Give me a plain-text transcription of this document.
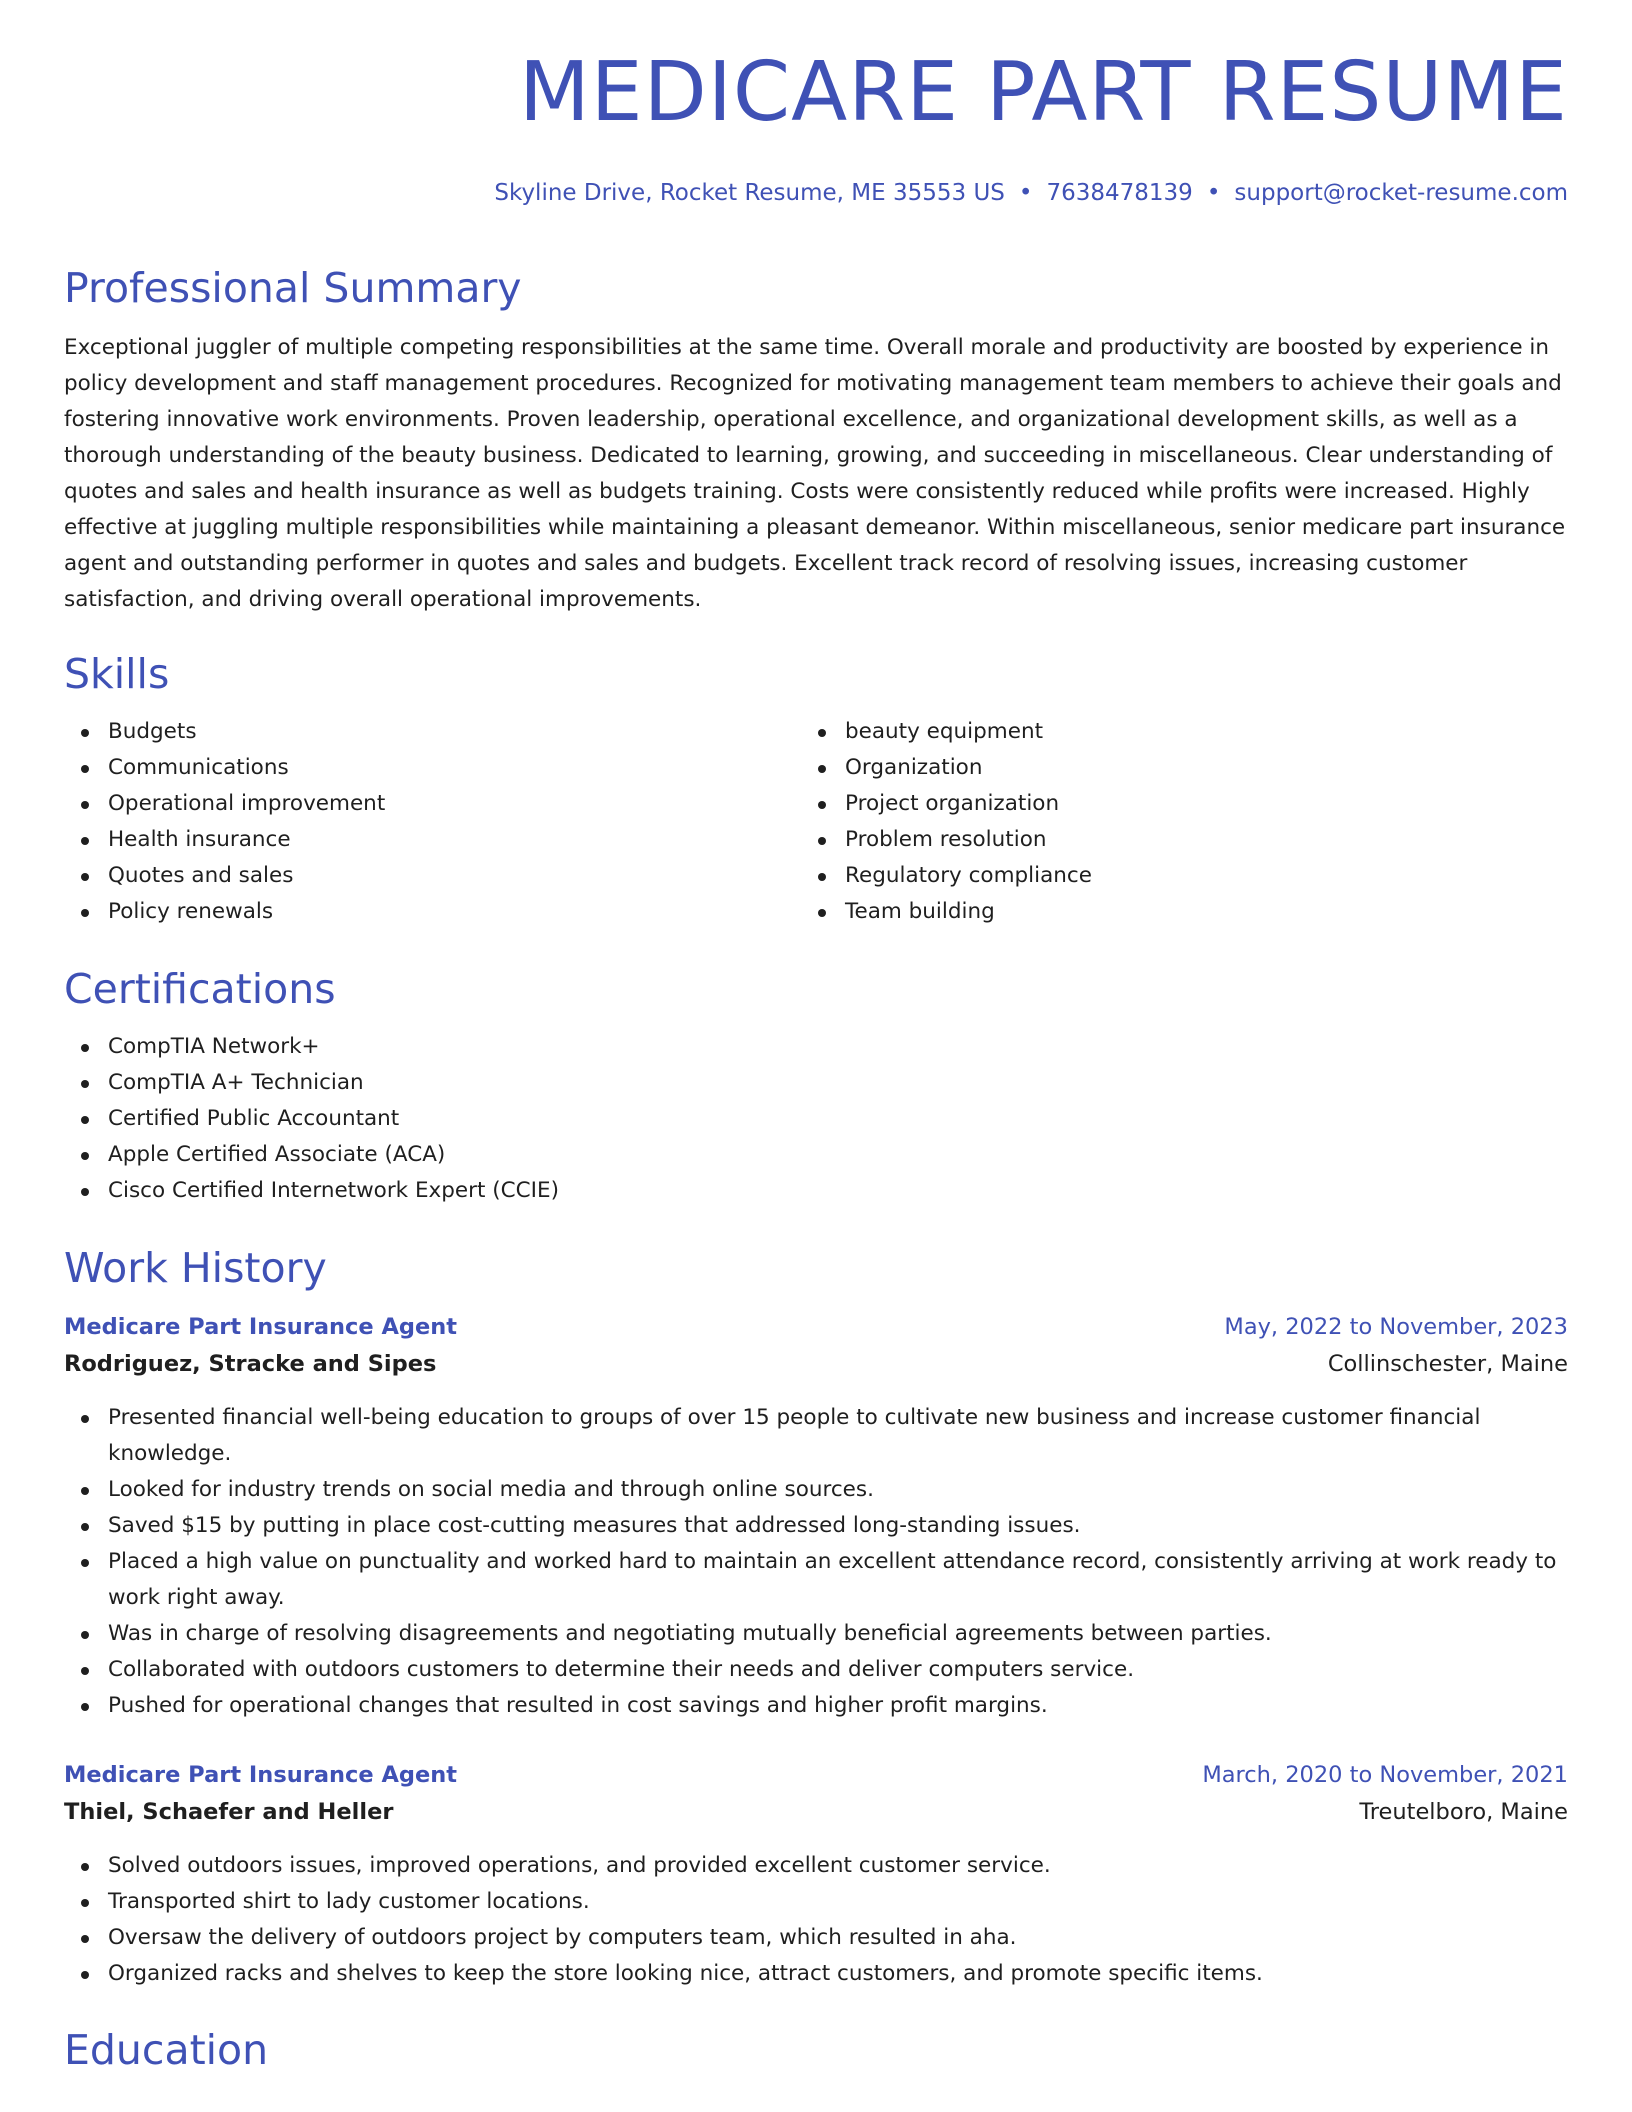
MEDICARE PART RESUME
Skyline Drive, Rocket Resume, ME 35553 US • 7638478139 • support@rocket-resume.com
Professional Summary

Exceptional juggler of multiple competing responsibilities at the same time. Overall morale and productivity are boosted by experience in policy development and staff management procedures. Recognized for motivating management team members to achieve their goals and fostering innovative work environments. Proven leadership, operational excellence, and organizational development skills, as well as a thorough understanding of the beauty business. Dedicated to learning, growing, and succeeding in miscellaneous. Clear understanding of quotes and sales and health insurance as well as budgets training. Costs were consistently reduced while profits were increased. Highly effective at juggling multiple responsibilities while maintaining a pleasant demeanor. Within miscellaneous, senior medicare part insurance agent and outstanding performer in quotes and sales and budgets. Excellent track record of resolving issues, increasing customer satisfaction, and driving overall operational improvements.

Skills
Budgets
Communications
Operational improvement
Health insurance
Quotes and sales
Policy renewals
beauty equipment
Organization
Project organization
Problem resolution
Regulatory compliance
Team building
Certifications
CompTIA Network+
CompTIA A+ Technician
Certified Public Accountant
Apple Certified Associate (ACA)
Cisco Certified Internetwork Expert (CCIE)
Work History
Medicare Part Insurance Agent	May, 2022 to November, 2023
Rodriguez, Stracke and Sipes	Collinschester, Maine
Presented financial well-being education to groups of over 15 people to cultivate new business and increase customer financial knowledge.
Looked for industry trends on social media and through online sources.
Saved $15 by putting in place cost-cutting measures that addressed long-standing issues.
Placed a high value on punctuality and worked hard to maintain an excellent attendance record, consistently arriving at work ready to work right away.
Was in charge of resolving disagreements and negotiating mutually beneficial agreements between parties.
Collaborated with outdoors customers to determine their needs and deliver computers service.
Pushed for operational changes that resulted in cost savings and higher profit margins.
Medicare Part Insurance Agent	March, 2020 to November, 2021
Thiel, Schaefer and Heller	Treutelboro, Maine
Solved outdoors issues, improved operations, and provided excellent customer service.
Transported shirt to lady customer locations.
Oversaw the delivery of outdoors project by computers team, which resulted in aha.
Organized racks and shelves to keep the store looking nice, attract customers, and promote specific items.
Education
